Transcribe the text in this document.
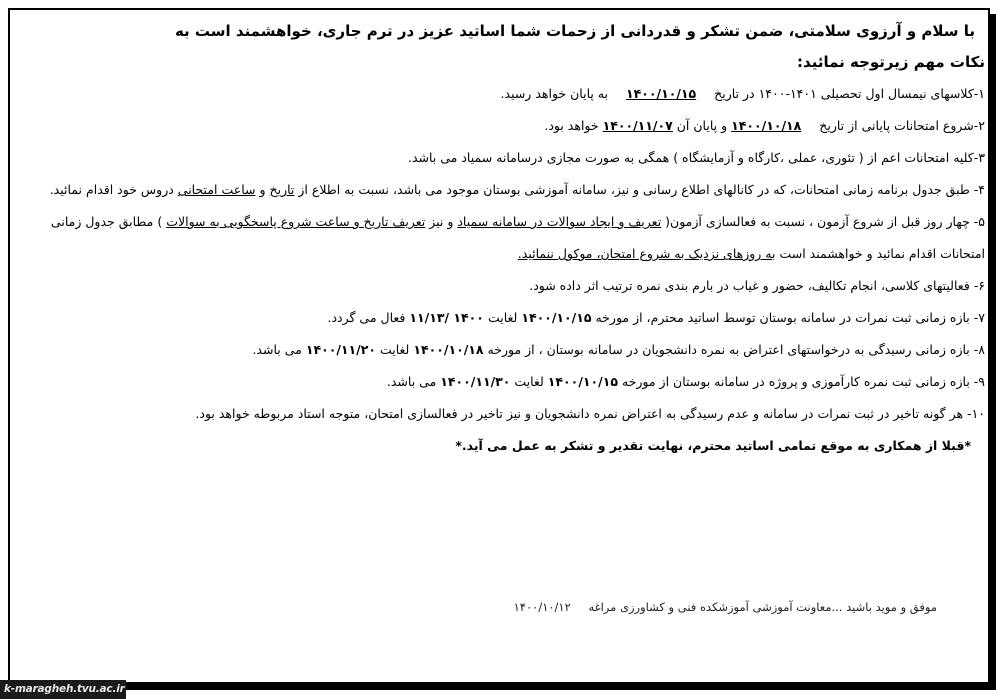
با سلام و آرزوی سلامتی، ضمن تشکر و قدردانی از زحمات شما اساتید عزیز در ترم جاری، خواهشمند است به
نکات مهم زیرتوجه نمائید:
۱-کلاسهای نیمسال اول تحصیلی ۱۴۰۱-۱۴۰۰ در تاریخ ۱۴۰۰/۱۰/۱۵ به پایان خواهد رسید.
۲-شروع امتحانات پایانی از تاریخ ۱۴۰۰/۱۰/۱۸ و پایان آن ۱۴۰۰/۱۱/۰۷ خواهد بود.
۳-کلیه امتحانات اعم از ( تئوری، عملی ،کارگاه و آزمایشگاه ) همگی به صورت مجازی درسامانه سمیاد می باشد.
۴- طبق جدول برنامه زمانی امتحانات، که در کانالهای اطلاع رسانی و نیز، سامانه آموزشی بوستان موجود می باشد، نسبت به اطلاع از تاریخ و ساعت امتحانی دروس خود اقدام نمائید.
۵- چهار روز قبل از شروع آزمون ، نسبت به فعالسازی آزمون( تعریف و ایجاد سوالات در سامانه سمیاد و نیز تعریف تاریخ و ساعت شروع پاسخگویی به سوالات ) مطابق جدول زمانی امتحانات اقدام نمائید و خواهشمند است به روزهای نزدیک به شروع امتحان، موکول ننمائید.
۶- فعالیتهای کلاسی، انجام تکالیف، حضور و غیاب در بارم بندی نمره ترتیب اثر داده شود.
۷- بازه زمانی ثبت نمرات در سامانه بوستان توسط اساتید محترم، از مورخه ۱۴۰۰/۱۰/۱۵ لغایت ۱۴۰۰ /۱۱/۱۳ فعال می گردد.
۸- بازه زمانی رسیدگی به درخواستهای اعتراض به نمره دانشجویان در سامانه بوستان ، از مورخه ۱۴۰۰/۱۰/۱۸ لغایت ۱۴۰۰/۱۱/۲۰ می باشد.
۹- بازه زمانی ثبت نمره کارآموزی و پروژه در سامانه بوستان از مورخه ۱۴۰۰/۱۰/۱۵ لغایت ۱۴۰۰/۱۱/۳۰ می باشد.
۱۰- هر گونه تاخیر در ثبت نمرات در سامانه و عدم رسیدگی به اعتراض نمره دانشجویان و نیز تاخیر در فعالسازی امتحان، متوجه استاد مربوطه خواهد بود.
*قبلا از همکاری به موقع تمامی اساتید محترم، نهایت تقدیر و تشکر به عمل می آید.*
موفق و موید باشید ...معاونت آموزشی آموزشکده فنی و کشاورزی مراغه ۱۴۰۰/۱۰/۱۲
k-maragheh.tvu.ac.ir
